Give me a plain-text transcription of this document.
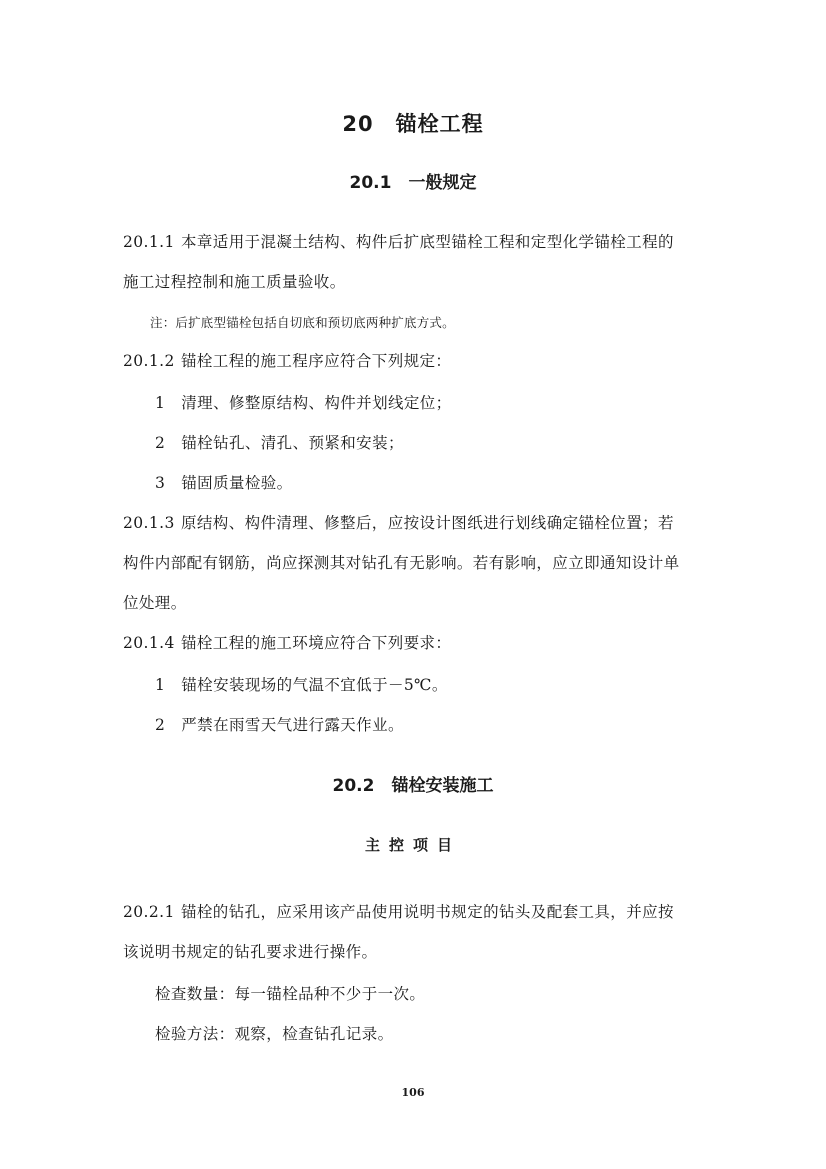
20　锚栓工程
20.1　一般规定

20.1.1 本章适用于混凝土结构、构件后扩底型锚栓工程和定型化学锚栓工程的

施工过程控制和施工质量验收。

注：后扩底型锚栓包括自切底和预切底两种扩底方式。

20.1.2 锚栓工程的施工程序应符合下列规定：

1 清理、修整原结构、构件并划线定位；

2 锚栓钻孔、清孔、预紧和安装；

3 锚固质量检验。

20.1.3 原结构、构件清理、修整后，应按设计图纸进行划线确定锚栓位置；若

构件内部配有钢筋，尚应探测其对钻孔有无影响。若有影响，应立即通知设计单

位处理。

20.1.4 锚栓工程的施工环境应符合下列要求：

1 锚栓安装现场的气温不宜低于－5℃。

2 严禁在雨雪天气进行露天作业。

20.2　锚栓安装施工
主控项目

20.2.1 锚栓的钻孔，应采用该产品使用说明书规定的钻头及配套工具，并应按

该说明书规定的钻孔要求进行操作。

检查数量：每一锚栓品种不少于一次。

检验方法：观察，检查钻孔记录。

106
